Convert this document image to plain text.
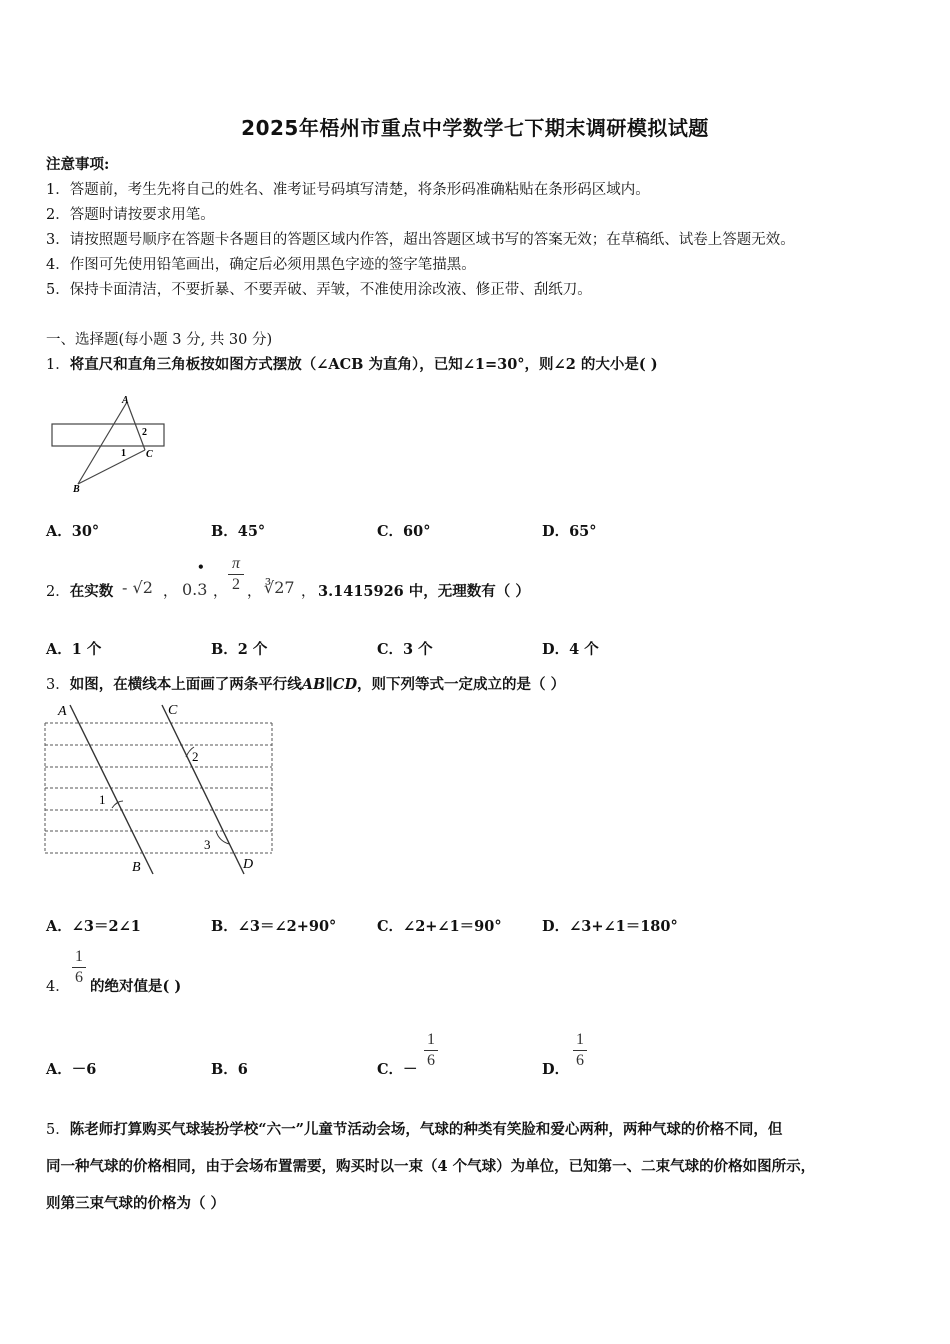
2025年梧州市重点中学数学七下期末调研模拟试题
注意事项:
1．答题前，考生先将自己的姓名、准考证号码填写清楚，将条形码准确粘贴在条形码区域内。
2．答题时请按要求用笔。
3．请按照题号顺序在答题卡各题目的答题区域内作答，超出答题区域书写的答案无效；在草稿纸、试卷上答题无效。
4．作图可先使用铅笔画出，确定后必须用黑色字迹的签字笔描黑。
5．保持卡面清洁，不要折暴、不要弄破、弄皱，不准使用涂改液、修正带、刮纸刀。
一、选择题(每小题 3 分, 共 30 分)
1．将直尺和直角三角板按如图方式摆放（∠ACB 为直角），已知∠1=30°，则∠2 的大小是( )
A
2
1 C
B
A．30°	B．45°	C．60°	D．65°
2．在实数 - √2 ， 0.3
•
，
π
2 ， ∛27 ， 3.1415926 中，无理数有（ ）
A．1 个	B．2 个	C．3 个	D．4 个
3．如图，在横线本上面画了两条平行线AB∥CD，则下列等式一定成立的是（ ）
A	C
2
1
3
B	D
A．∠3＝2∠1	B．∠3＝∠2+90°	C．∠2+∠1＝90°	D．∠3+∠1＝180°
4．
1
6
的绝对值是( )
A．－6	B．6	C．－
1
6
D．
1
6
5．陈老师打算购买气球装扮学校“六一”儿童节活动会场，气球的种类有笑脸和爱心两种，两种气球的价格不同，但
同一种气球的价格相同，由于会场布置需要，购买时以一束（4 个气球）为单位，已知第一、二束气球的价格如图所示，
则第三束气球的价格为（ ）
